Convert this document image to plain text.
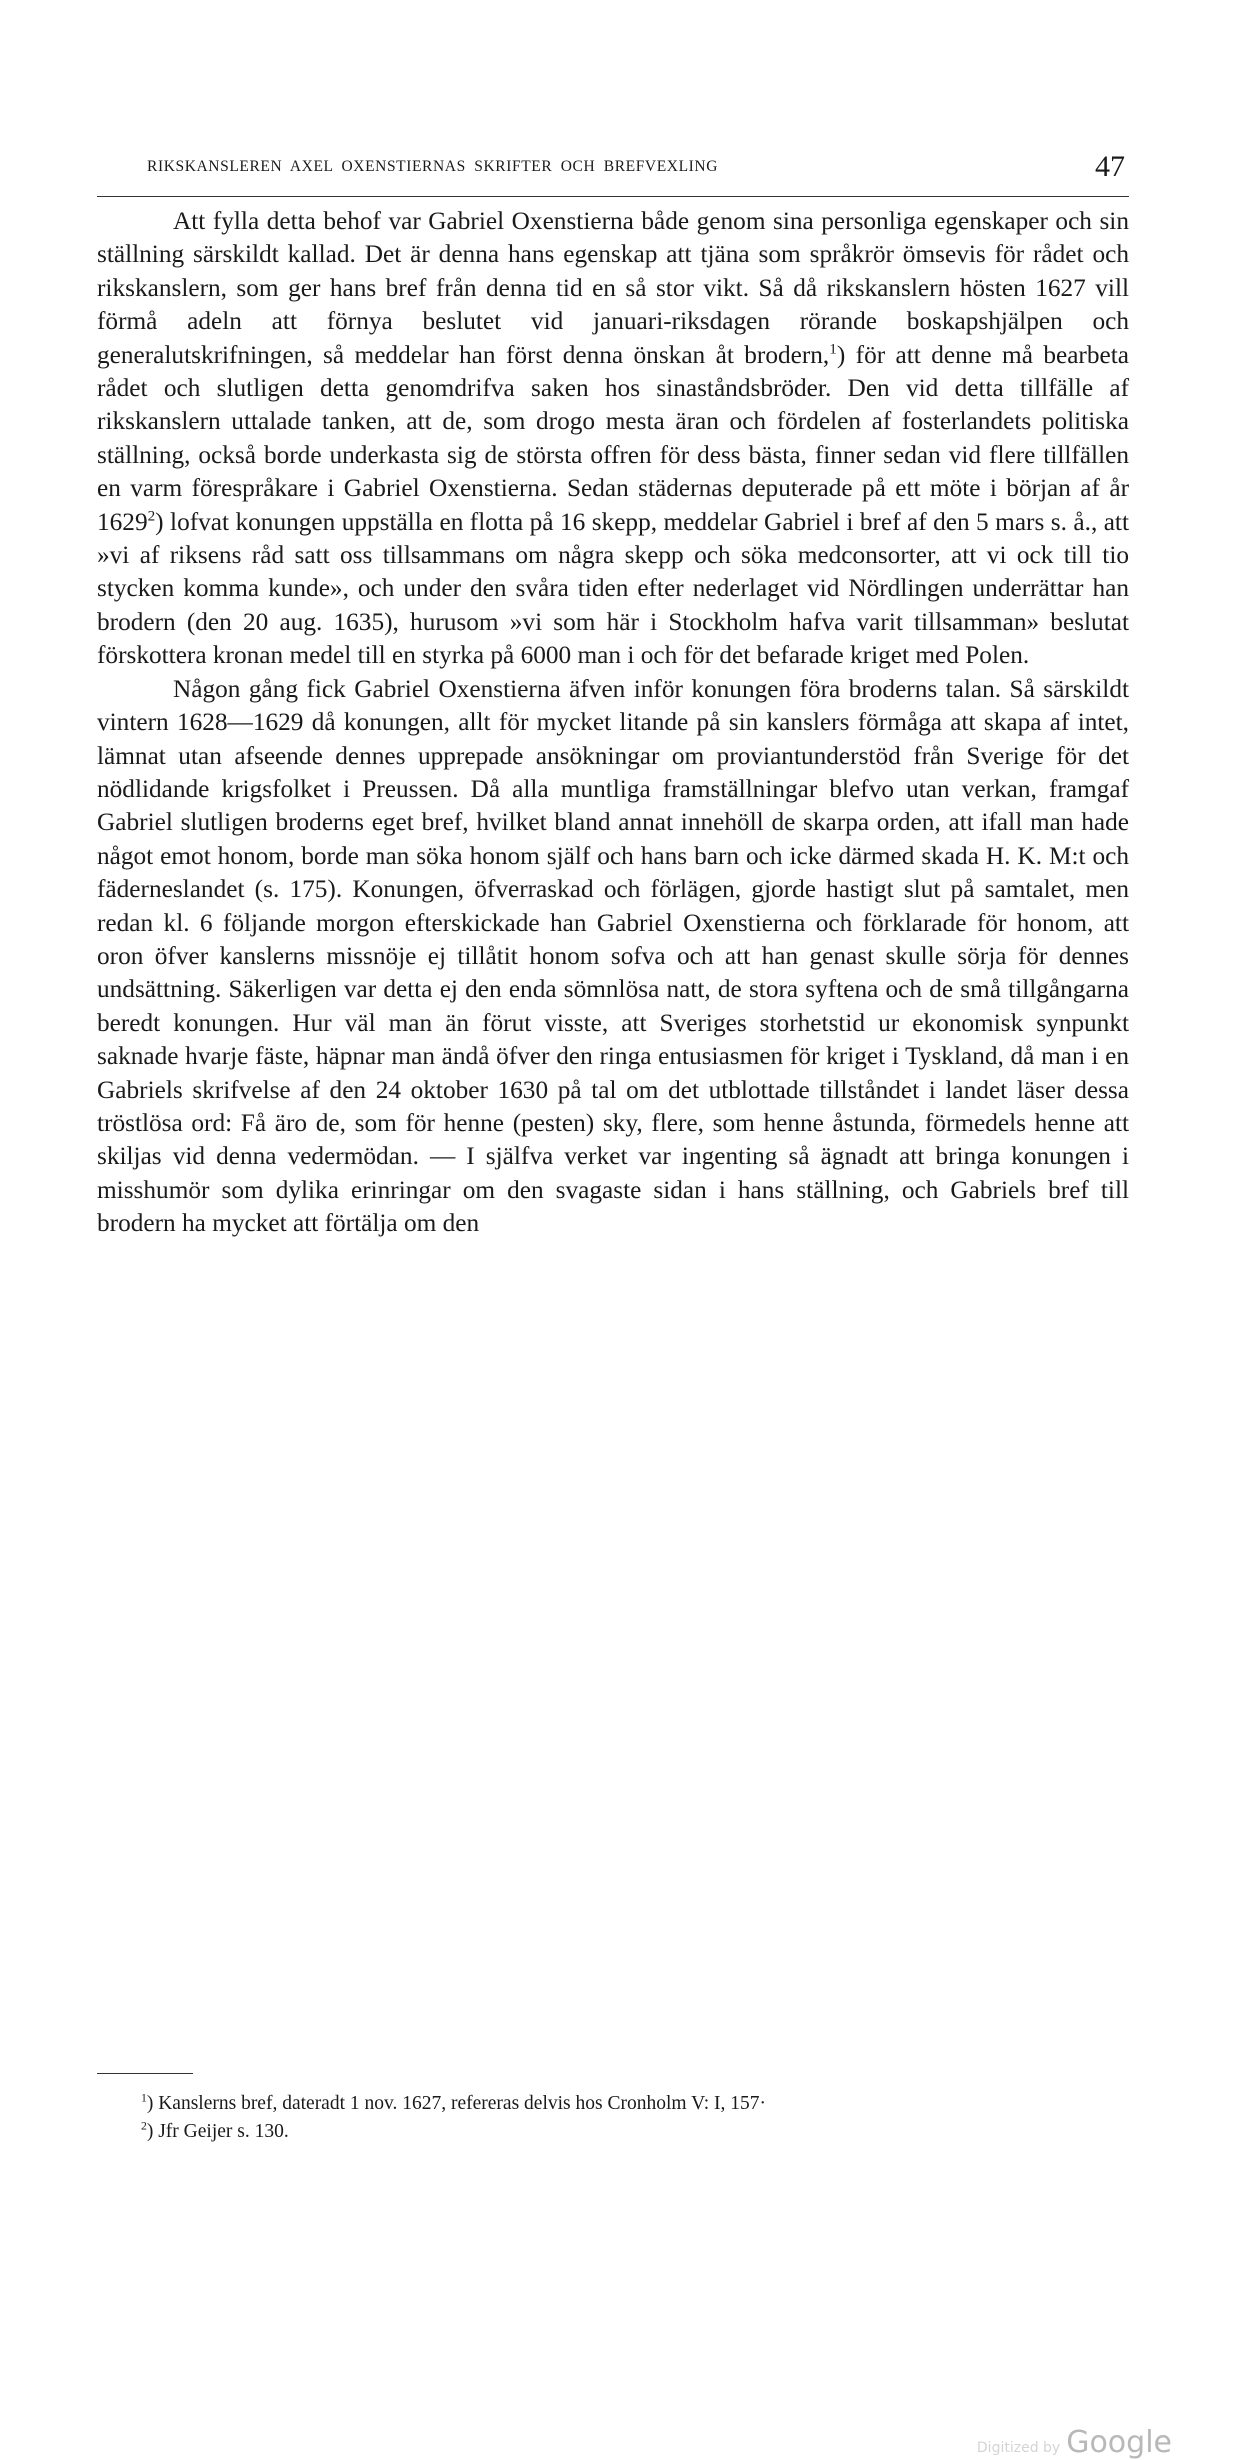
RIKSKANSLEREN AXEL OXENSTIERNAS SKRIFTER OCH BREFVEXLING	47

Att fylla detta behof var Gabriel Oxenstierna både genom sina personliga egenskaper och sin ställning särskildt kallad. Det är denna hans egenskap att tjäna som språkrör ömsevis för rådet och rikskanslern, som ger hans bref från denna tid en så stor vikt. Så då rikskanslern hösten 1627 vill förmå adeln att förnya beslutet vid januari-riksdagen rörande boskapshjälpen och generalutskrifningen, så meddelar han först denna önskan åt brodern,$^1$) för att denne må bearbeta rådet och slutligen detta genomdrifva saken hos sinaståndsbröder. Den vid detta tillfälle af rikskanslern uttalade tanken, att de, som drogo mesta äran och fördelen af fosterlandets politiska ställning, också borde underkasta sig de största offren för dess bästa, finner sedan vid flere tillfällen en varm förespråkare i Gabriel Oxenstierna. Sedan städernas deputerade på ett möte i början af år 1629$^2$) lofvat konungen uppställa en flotta på 16 skepp, meddelar Gabriel i bref af den 5 mars s. å., att »vi af riksens råd satt oss tillsammans om några skepp och söka medconsorter, att vi ock till tio stycken komma kunde», och under den svåra tiden efter nederlaget vid Nördlingen underrättar han brodern (den 20 aug. 1635), hurusom »vi som här i Stockholm hafva varit tillsamman» beslutat förskottera kronan medel till en styrka på 6000 man i och för det befarade kriget med Polen.

Någon gång fick Gabriel Oxenstierna äfven inför konungen föra broderns talan. Så särskildt vintern 1628—1629 då konungen, allt för mycket litande på sin kanslers förmåga att skapa af intet, lämnat utan afseende dennes upprepade ansökningar om proviantunderstöd från Sverige för det nödlidande krigsfolket i Preussen. Då alla muntliga framställningar blefvo utan verkan, framgaf Gabriel slutligen broderns eget bref, hvilket bland annat innehöll de skarpa orden, att ifall man hade något emot honom, borde man söka honom själf och hans barn och icke därmed skada H. K. M:t och fäderneslandet (s. 175). Konungen, öfverraskad och förlägen, gjorde hastigt slut på samtalet, men redan kl. 6 följande morgon efterskickade han Gabriel Oxenstierna och förklarade för honom, att oron öfver kanslerns missnöje ej tillåtit honom sofva och att han genast skulle sörja för dennes undsättning. Säkerligen var detta ej den enda sömnlösa natt, de stora syftena och de små tillgångarna beredt konungen. Hur väl man än förut visste, att Sveriges storhetstid ur ekonomisk synpunkt saknade hvarje fäste, häpnar man ändå öfver den ringa entusiasmen för kriget i Tyskland, då man i en Gabriels skrifvelse af den 24 oktober 1630 på tal om det utblottade tillståndet i landet läser dessa tröstlösa ord: Få äro de, som för henne (pesten) sky, flere, som henne åstunda, förmedels henne att skiljas vid denna vedermödan. — I själfva verket var ingenting så ägnadt att bringa konungen i misshumör som dylika erinringar om den svagaste sidan i hans ställning, och Gabriels bref till brodern ha mycket att förtälja om den

$^1$) Kanslerns bref, dateradt 1 nov. 1627, refereras delvis hos Cronholm V: I, 157·

$^2$) Jfr Geijer s. 130.

Digitized by Google
